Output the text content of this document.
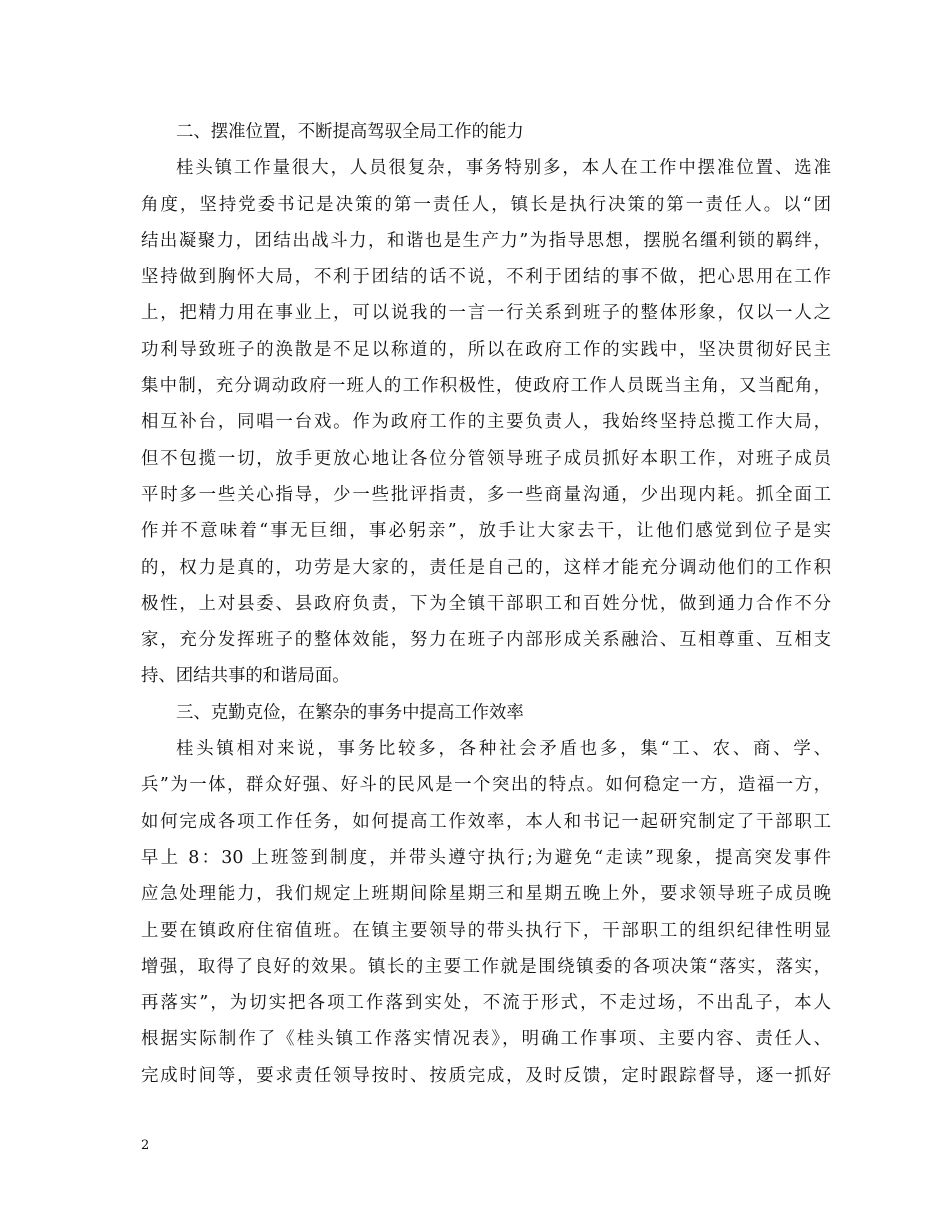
二、摆准位置，不断提高驾驭全局工作的能力
桂头镇工作量很大，人员很复杂，事务特别多，本人在工作中摆准位置、选准
角度，坚持党委书记是决策的第一责任人，镇长是执行决策的第一责任人。以“团
结出凝聚力，团结出战斗力，和谐也是生产力”为指导思想，摆脱名缰利锁的羁绊，
坚持做到胸怀大局，不利于团结的话不说，不利于团结的事不做，把心思用在工作
上，把精力用在事业上，可以说我的一言一行关系到班子的整体形象，仅以一人之
功利导致班子的涣散是不足以称道的，所以在政府工作的实践中，坚决贯彻好民主
集中制，充分调动政府一班人的工作积极性，使政府工作人员既当主角，又当配角，
相互补台，同唱一台戏。作为政府工作的主要负责人，我始终坚持总揽工作大局，
但不包揽一切，放手更放心地让各位分管领导班子成员抓好本职工作，对班子成员
平时多一些关心指导，少一些批评指责，多一些商量沟通，少出现内耗。抓全面工
作并不意味着“事无巨细，事必躬亲”，放手让大家去干，让他们感觉到位子是实
的，权力是真的，功劳是大家的，责任是自己的，这样才能充分调动他们的工作积
极性，上对县委、县政府负责，下为全镇干部职工和百姓分忧，做到通力合作不分
家，充分发挥班子的整体效能，努力在班子内部形成关系融洽、互相尊重、互相支
持、团结共事的和谐局面。
三、克勤克俭，在繁杂的事务中提高工作效率
桂头镇相对来说，事务比较多，各种社会矛盾也多，集“工、农、商、学、
兵”为一体，群众好强、好斗的民风是一个突出的特点。如何稳定一方，造福一方，
如何完成各项工作任务，如何提高工作效率，本人和书记一起研究制定了干部职工
早上 8：30 上班签到制度，并带头遵守执行;为避免“走读”现象，提高突发事件
应急处理能力，我们规定上班期间除星期三和星期五晚上外，要求领导班子成员晚
上要在镇政府住宿值班。在镇主要领导的带头执行下，干部职工的组织纪律性明显
增强，取得了良好的效果。镇长的主要工作就是围绕镇委的各项决策“落实，落实，
再落实”，为切实把各项工作落到实处，不流于形式，不走过场，不出乱子，本人
根据实际制作了《桂头镇工作落实情况表》，明确工作事项、主要内容、责任人、
完成时间等，要求责任领导按时、按质完成，及时反馈，定时跟踪督导，逐一抓好
2
